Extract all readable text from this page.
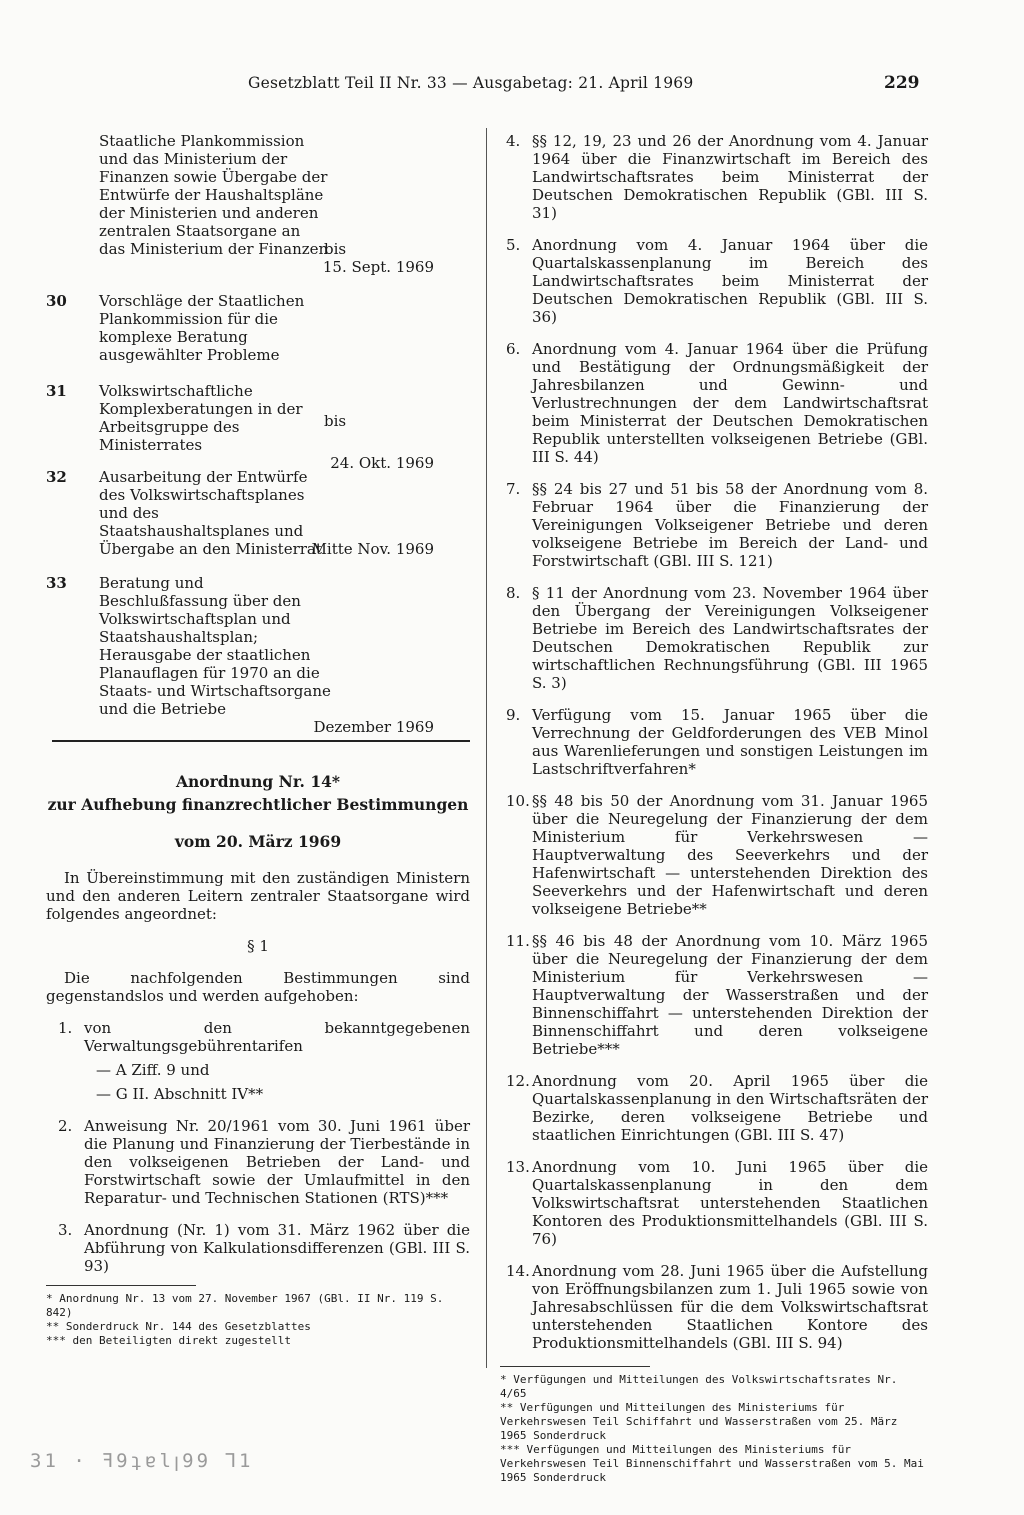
Gesetzblatt Teil II Nr. 33 — Ausgabetag: 21. April 1969	229
Staatliche Plankommission und das Ministerium der Finanzen sowie Übergabe der Entwürfe der Haushaltspläne der Ministerien und anderen zentralen Staatsorgane an das Ministerium der Finanzen
bis
15. Sept. 1969
30 Vorschläge der Staatlichen Plankommission für die komplexe Beratung ausgewählter Probleme
31 Volkswirtschaftliche Komplexberatungen in der Arbeitsgruppe des Ministerrates
bis
24. Okt. 1969
32 Ausarbeitung der Entwürfe des Volkswirtschaftsplanes und des Staatshaushaltsplanes und Übergabe an den Ministerrat
Mitte Nov. 1969
33 Beratung und Beschlußfassung über den Volkswirtschaftsplan und Staatshaushaltsplan; Herausgabe der staatlichen Planauflagen für 1970 an die Staats- und Wirtschaftsorgane und die Betriebe
Dezember 1969
Anordnung Nr. 14*
zur Aufhebung finanzrechtlicher Bestimmungen
vom 20. März 1969
In Übereinstimmung mit den zuständigen Ministern und den anderen Leitern zentraler Staatsorgane wird folgendes angeordnet:
§ 1
Die nachfolgenden Bestimmungen sind gegenstandslos und werden aufgehoben:
1. von den bekanntgegebenen Verwaltungsgebührentarifen
— A Ziff. 9 und
— G II. Abschnitt IV**
2. Anweisung Nr. 20/1961 vom 30. Juni 1961 über die Planung und Finanzierung der Tierbestände in den volkseigenen Betrieben der Land- und Forstwirtschaft sowie der Umlaufmittel in den Reparatur- und Technischen Stationen (RTS)***
3. Anordnung (Nr. 1) vom 31. März 1962 über die Abführung von Kalkulationsdifferenzen (GBl. III S. 93)
* Anordnung Nr. 13 vom 27. November 1967 (GBl. II Nr. 119 S. 842)
** Sonderdruck Nr. 144 des Gesetzblattes
*** den Beteiligten direkt zugestellt
4. §§ 12, 19, 23 und 26 der Anordnung vom 4. Januar 1964 über die Finanzwirtschaft im Bereich des Landwirtschaftsrates beim Ministerrat der Deutschen Demokratischen Republik (GBl. III S. 31)
5. Anordnung vom 4. Januar 1964 über die Quartalskassenplanung im Bereich des Landwirtschaftsrates beim Ministerrat der Deutschen Demokratischen Republik (GBl. III S. 36)
6. Anordnung vom 4. Januar 1964 über die Prüfung und Bestätigung der Ordnungsmäßigkeit der Jahresbilanzen und Gewinn- und Verlustrechnungen der dem Landwirtschaftsrat beim Ministerrat der Deutschen Demokratischen Republik unterstellten volkseigenen Betriebe (GBl. III S. 44)
7. §§ 24 bis 27 und 51 bis 58 der Anordnung vom 8. Februar 1964 über die Finanzierung der Vereinigungen Volkseigener Betriebe und deren volkseigene Betriebe im Bereich der Land- und Forstwirtschaft (GBl. III S. 121)
8. § 11 der Anordnung vom 23. November 1964 über den Übergang der Vereinigungen Volkseigener Betriebe im Bereich des Landwirtschaftsrates der Deutschen Demokratischen Republik zur wirtschaftlichen Rechnungsführung (GBl. III 1965 S. 3)
9. Verfügung vom 15. Januar 1965 über die Verrechnung der Geldforderungen des VEB Minol aus Warenlieferungen und sonstigen Leistungen im Lastschriftverfahren*
10. §§ 48 bis 50 der Anordnung vom 31. Januar 1965 über die Neuregelung der Finanzierung der dem Ministerium für Verkehrswesen — Hauptverwaltung des Seeverkehrs und der Hafenwirtschaft — unterstehenden Direktion des Seeverkehrs und der Hafenwirtschaft und deren volkseigene Betriebe**
11. §§ 46 bis 48 der Anordnung vom 10. März 1965 über die Neuregelung der Finanzierung der dem Ministerium für Verkehrswesen — Hauptverwaltung der Wasserstraßen und der Binnenschiffahrt — unterstehenden Direktion der Binnenschiffahrt und deren volkseigene Betriebe***
12. Anordnung vom 20. April 1965 über die Quartalskassenplanung in den Wirtschaftsräten der Bezirke, deren volkseigene Betriebe und staatlichen Einrichtungen (GBl. III S. 47)
13. Anordnung vom 10. Juni 1965 über die Quartalskassenplanung in den dem Volkswirtschaftsrat unterstehenden Staatlichen Kontoren des Produktionsmittelhandels (GBl. III S. 76)
14. Anordnung vom 28. Juni 1965 über die Aufstellung von Eröffnungsbilanzen zum 1. Juli 1965 sowie von Jahresabschlüssen für die dem Volkswirtschaftsrat unterstehenden Staatlichen Kontore des Produktionsmittelhandels (GBl. III S. 94)
* Verfügungen und Mitteilungen des Volkswirtschaftsrates Nr. 4/65
** Verfügungen und Mitteilungen des Ministeriums für Verkehrswesen Teil Schiffahrt und Wasserstraßen vom 25. März 1965 Sonderdruck
*** Verfügungen und Mitteilungen des Ministeriums für Verkehrswesen Teil Binnenschiffahrt und Wasserstraßen vom 5. Mai 1965 Sonderdruck
31 · ꟻ9ʇɐlꞁ99 Ꞁ1
